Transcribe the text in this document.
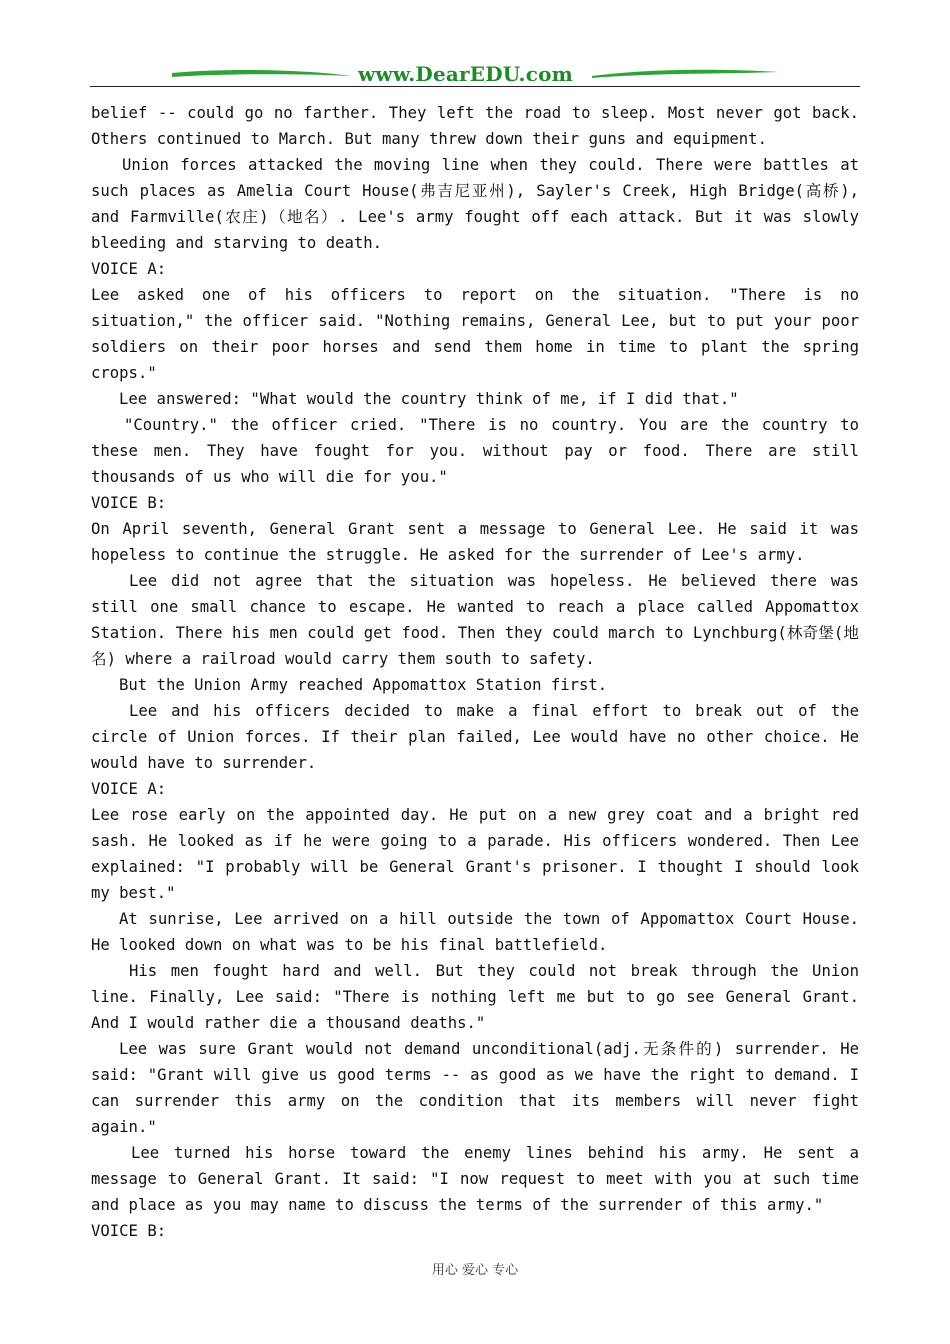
www.DearEDU.com

belief -- could go no farther. They left the road to sleep. Most never got back. Others continued to March. But many threw down their guns and equipment.

Union forces attacked the moving line when they could. There were battles at such places as Amelia Court House(弗吉尼亚州), Sayler's Creek, High Bridge(高桥), and Farmville(农庄)（地名）. Lee's army fought off each attack. But it was slowly bleeding and starving to death.

VOICE A:

Lee asked one of his officers to report on the situation. "There is no situation," the officer said. "Nothing remains, General Lee, but to put your poor soldiers on their poor horses and send them home in time to plant the spring crops."

Lee answered: "What would the country think of me, if I did that."

"Country." the officer cried. "There is no country. You are the country to these men. They have fought for you. without pay or food. There are still thousands of us who will die for you."

VOICE B:

On April seventh, General Grant sent a message to General Lee. He said it was hopeless to continue the struggle. He asked for the surrender of Lee's army.

Lee did not agree that the situation was hopeless. He believed there was still one small chance to escape. He wanted to reach a place called Appomattox Station. There his men could get food. Then they could march to Lynchburg(林奇堡(地名) where a railroad would carry them south to safety.

But the Union Army reached Appomattox Station first.

Lee and his officers decided to make a final effort to break out of the circle of Union forces. If their plan failed, Lee would have no other choice. He would have to surrender.

VOICE A:

Lee rose early on the appointed day. He put on a new grey coat and a bright red sash. He looked as if he were going to a parade. His officers wondered. Then Lee explained: "I probably will be General Grant's prisoner. I thought I should look my best."

At sunrise, Lee arrived on a hill outside the town of Appomattox Court House. He looked down on what was to be his final battlefield.

His men fought hard and well. But they could not break through the Union line. Finally, Lee said: "There is nothing left me but to go see General Grant. And I would rather die a thousand deaths."

Lee was sure Grant would not demand unconditional(adj.无条件的) surrender. He said: "Grant will give us good terms -- as good as we have the right to demand. I can surrender this army on the condition that its members will never fight again."

Lee turned his horse toward the enemy lines behind his army. He sent a message to General Grant. It said: "I now request to meet with you at such time and place as you may name to discuss the terms of the surrender of this army."

VOICE B:

用心 爱心 专心
